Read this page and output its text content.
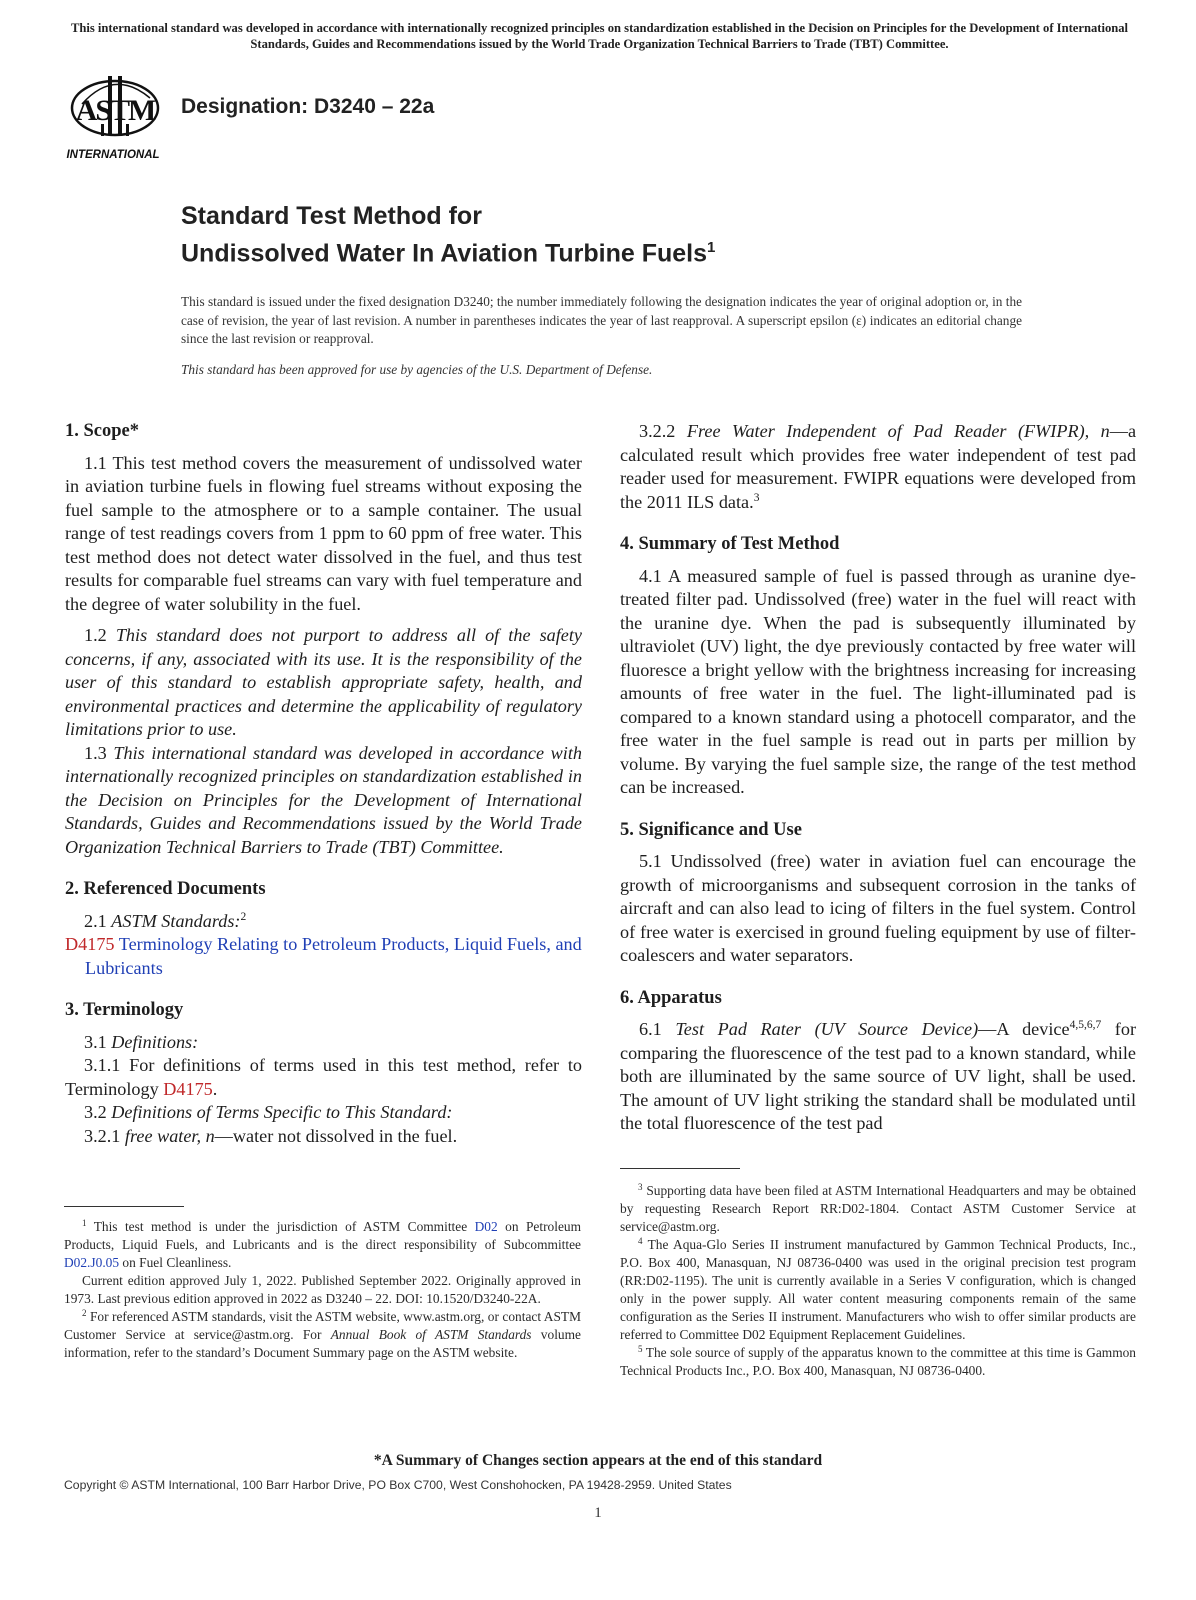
This international standard was developed in accordance with internationally recognized principles on standardization established in the Decision on Principles for the Development of International Standards, Guides and Recommendations issued by the World Trade Organization Technical Barriers to Trade (TBT) Committee.
ASTM
INTERNATIONAL
Designation: D3240 – 22a
Standard Test Method for
Undissolved Water In Aviation Turbine Fuels$^1$

This standard is issued under the fixed designation D3240; the number immediately following the designation indicates the year of original adoption or, in the case of revision, the year of last revision. A number in parentheses indicates the year of last reapproval. A superscript epsilon (ε) indicates an editorial change since the last revision or reapproval.

This standard has been approved for use by agencies of the U.S. Department of Defense.

1. Scope*

1.1 This test method covers the measurement of undissolved water in aviation turbine fuels in flowing fuel streams without exposing the fuel sample to the atmosphere or to a sample container. The usual range of test readings covers from 1 ppm to 60 ppm of free water. This test method does not detect water dissolved in the fuel, and thus test results for comparable fuel streams can vary with fuel temperature and the degree of water solubility in the fuel.

1.2 This standard does not purport to address all of the safety concerns, if any, associated with its use. It is the responsibility of the user of this standard to establish appropriate safety, health, and environmental practices and determine the applicability of regulatory limitations prior to use.

1.3 This international standard was developed in accordance with internationally recognized principles on standardization established in the Decision on Principles for the Development of International Standards, Guides and Recommendations issued by the World Trade Organization Technical Barriers to Trade (TBT) Committee.

2. Referenced Documents

2.1 ASTM Standards:$^2$

D4175 Terminology Relating to Petroleum Products, Liquid Fuels, and Lubricants

3. Terminology

3.1 Definitions:

3.1.1 For definitions of terms used in this test method, refer to Terminology D4175.

3.2 Definitions of Terms Specific to This Standard:

3.2.1 free water, n—water not dissolved in the fuel.

3.2.2 Free Water Independent of Pad Reader (FWIPR), n—a calculated result which provides free water independent of test pad reader used for measurement. FWIPR equations were developed from the 2011 ILS data.$^3$

4. Summary of Test Method

4.1 A measured sample of fuel is passed through as uranine dye-treated filter pad. Undissolved (free) water in the fuel will react with the uranine dye. When the pad is subsequently illuminated by ultraviolet (UV) light, the dye previously contacted by free water will fluoresce a bright yellow with the brightness increasing for increasing amounts of free water in the fuel. The light-illuminated pad is compared to a known standard using a photocell comparator, and the free water in the fuel sample is read out in parts per million by volume. By varying the fuel sample size, the range of the test method can be increased.

5. Significance and Use

5.1 Undissolved (free) water in aviation fuel can encourage the growth of microorganisms and subsequent corrosion in the tanks of aircraft and can also lead to icing of filters in the fuel system. Control of free water is exercised in ground fueling equipment by use of filter-coalescers and water separators.

6. Apparatus

6.1 Test Pad Rater (UV Source Device)—A device$^{4,5,6,7}$ for comparing the fluorescence of the test pad to a known standard, while both are illuminated by the same source of UV light, shall be used. The amount of UV light striking the standard shall be modulated until the total fluorescence of the test pad

$^1$ This test method is under the jurisdiction of ASTM Committee D02 on Petroleum Products, Liquid Fuels, and Lubricants and is the direct responsibility of Subcommittee D02.J0.05 on Fuel Cleanliness.

Current edition approved July 1, 2022. Published September 2022. Originally approved in 1973. Last previous edition approved in 2022 as D3240 – 22. DOI: 10.1520/D3240-22A.

$^2$ For referenced ASTM standards, visit the ASTM website, www.astm.org, or contact ASTM Customer Service at service@astm.org. For Annual Book of ASTM Standards volume information, refer to the standard’s Document Summary page on the ASTM website.

$^3$ Supporting data have been filed at ASTM International Headquarters and may be obtained by requesting Research Report RR:D02-1804. Contact ASTM Customer Service at service@astm.org.

$^4$ The Aqua-Glo Series II instrument manufactured by Gammon Technical Products, Inc., P.O. Box 400, Manasquan, NJ 08736-0400 was used in the original precision test program (RR:D02-1195). The unit is currently available in a Series V configuration, which is changed only in the power supply. All water content measuring components remain of the same configuration as the Series II instrument. Manufacturers who wish to offer similar products are referred to Committee D02 Equipment Replacement Guidelines.

$^5$ The sole source of supply of the apparatus known to the committee at this time is Gammon Technical Products Inc., P.O. Box 400, Manasquan, NJ 08736-0400.

*A Summary of Changes section appears at the end of this standard
Copyright © ASTM International, 100 Barr Harbor Drive, PO Box C700, West Conshohocken, PA 19428-2959. United States
1
